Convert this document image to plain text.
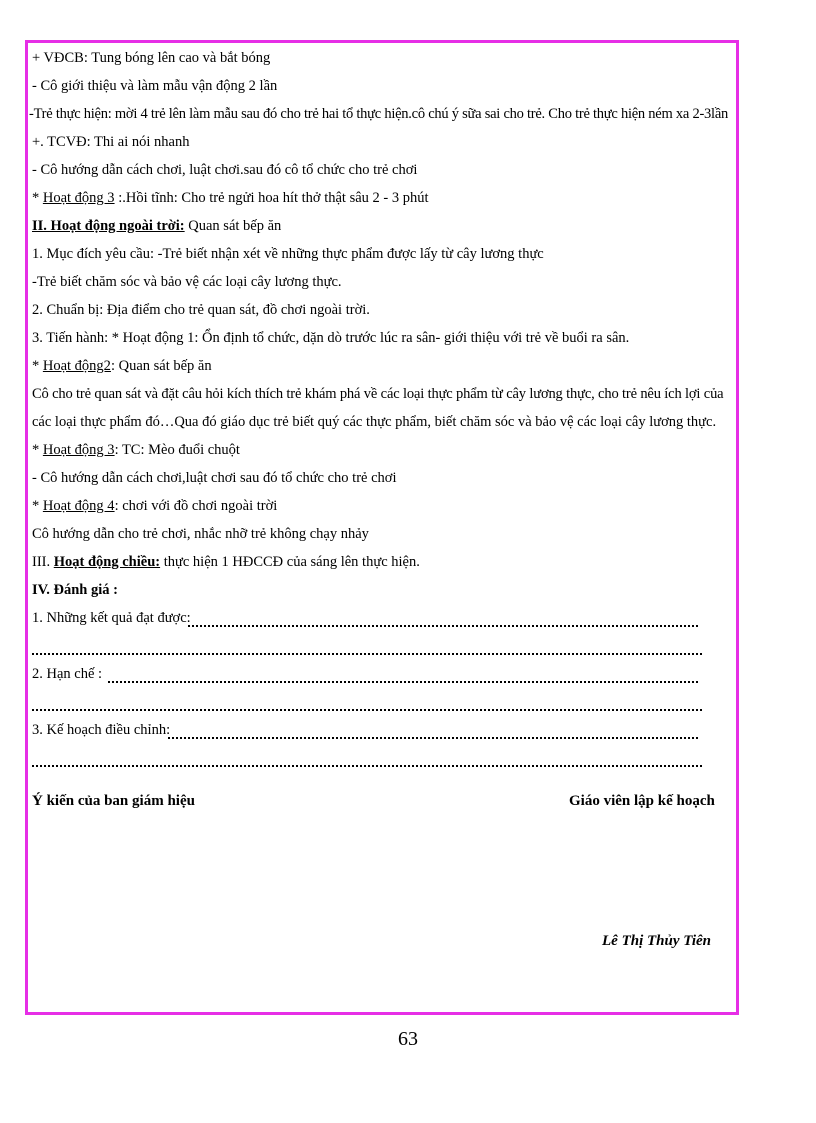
+ VĐCB: Tung bóng lên cao và bắt bóng
- Cô giới thiệu và làm mẫu vận động 2 lần
-Trẻ thực hiện: mời 4 trẻ lên làm mẫu sau đó cho trẻ hai tổ thực hiện.cô chú ý sữa sai cho trẻ. Cho trẻ thực hiện ném xa 2-3lần
+. TCVĐ: Thi ai nói nhanh
- Cô hướng dẫn cách chơi, luật chơi.sau đó cô tổ chức cho trẻ chơi
* Hoạt động 3 :.Hồi tĩnh: Cho trẻ ngửi hoa hít thở thật sâu 2 - 3 phút
II. Hoạt động ngoài trời: Quan sát bếp ăn
1. Mục đích yêu cầu: -Trẻ biết nhận xét về những thực phẩm được lấy từ cây lương thực
-Trẻ biết chăm sóc và bảo vệ các loại cây lương thực.
2. Chuẩn bị: Địa điểm cho trẻ quan sát, đồ chơi ngoài trời.
3. Tiến hành: * Hoạt động 1: Ổn định tổ chức, dặn dò trước lúc ra sân- giới thiệu với trẻ về buổi ra sân.
* Hoạt động2: Quan sát bếp ăn
Cô cho trẻ quan sát và đặt câu hỏi kích thích trẻ khám phá về các loại thực phẩm từ cây lương thực, cho trẻ nêu ích lợi của
các loại thực phẩm đó…Qua đó giáo dục trẻ biết quý các thực phẩm, biết chăm sóc và bảo vệ các loại cây lương thực.
* Hoạt động 3: TC: Mèo đuổi chuột
- Cô hướng dẫn cách chơi,luật chơi sau đó tổ chức cho trẻ chơi
* Hoạt động 4: chơi với đồ chơi ngoài trời
Cô hướng dẫn cho trẻ chơi, nhắc nhỡ trẻ không chạy nhảy
III. Hoạt động chiều: thực hiện 1 HĐCCĐ của sáng lên thực hiện.
IV. Đánh giá :
1. Những kết quả đạt được:
2. Hạn chế :
3. Kế hoạch điều chỉnh:
Ý kiến của ban giám hiệu	Giáo viên lập kế hoạch
Lê Thị Thủy Tiên
63
